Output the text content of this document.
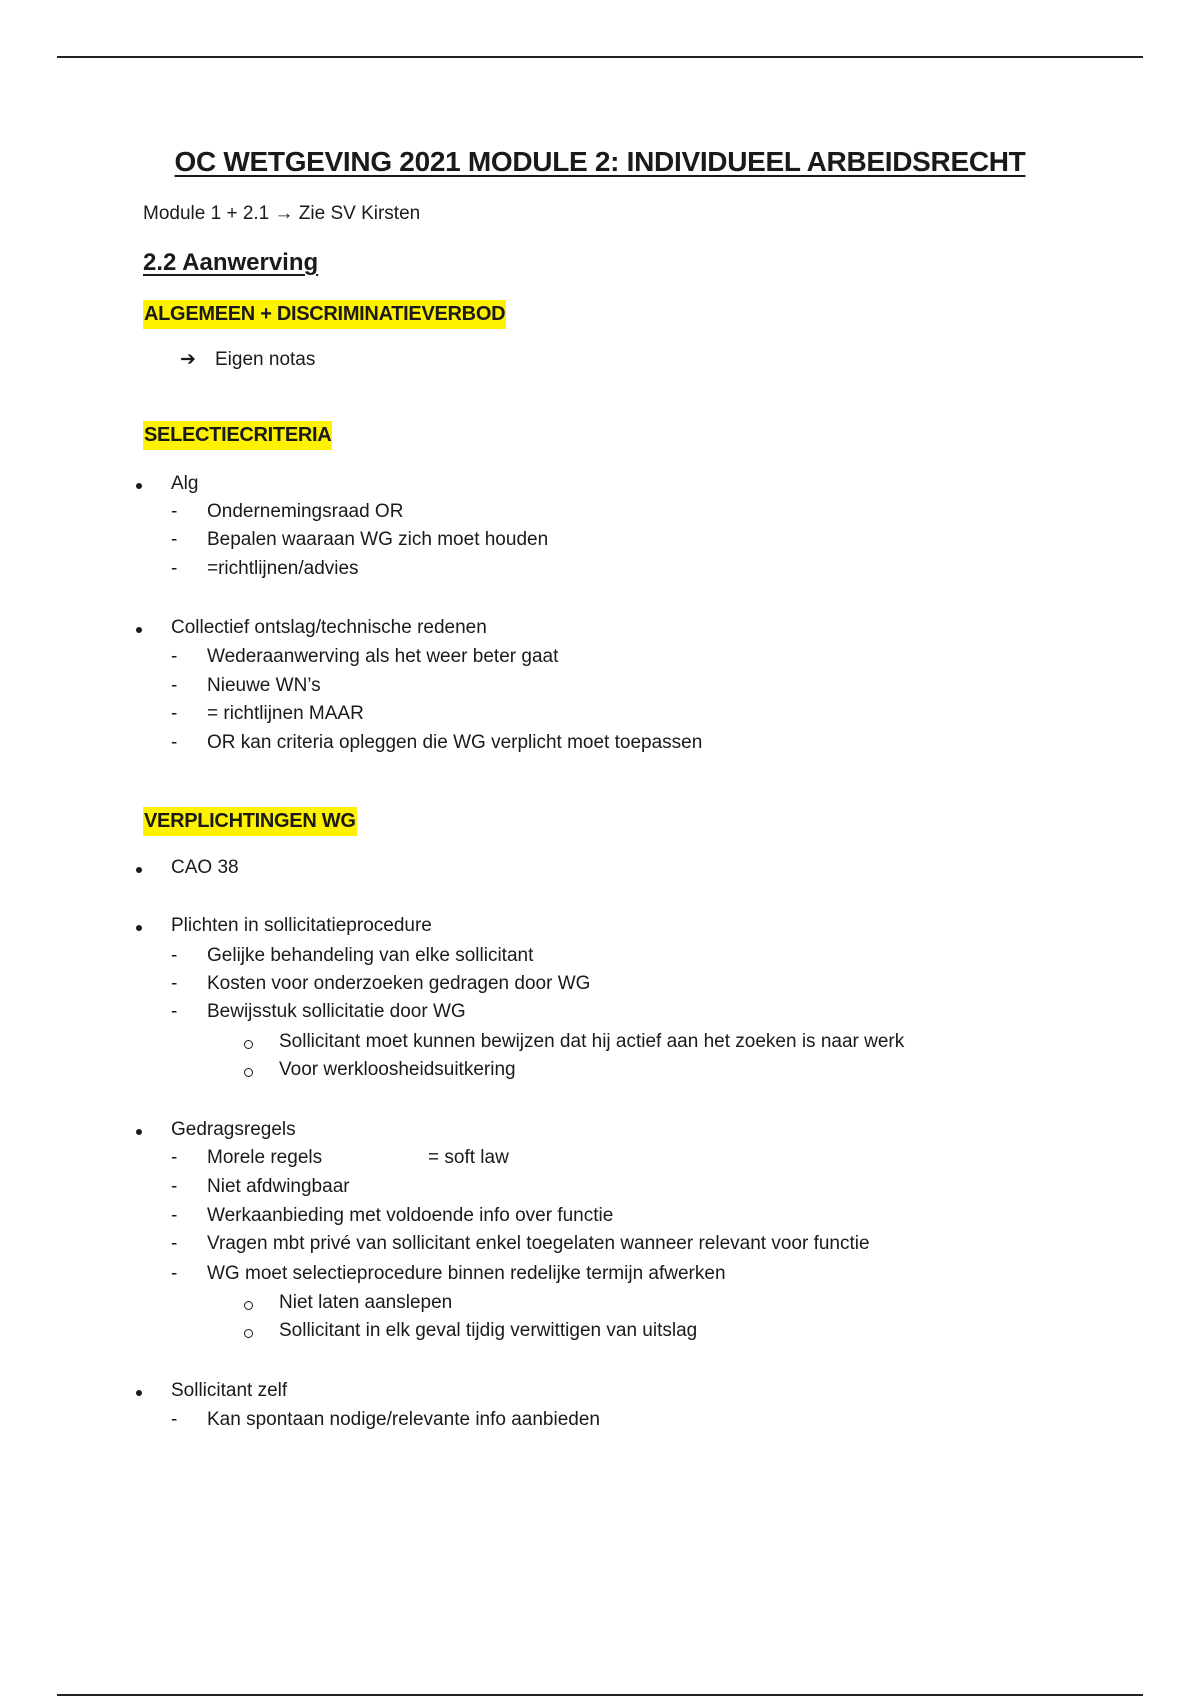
OC WETGEVING 2021 MODULE 2: INDIVIDUEEL ARBEIDSRECHT
Module 1 + 2.1 → Zie SV Kirsten
2.2 Aanwerving
ALGEMEEN + DISCRIMINATIEVERBOD
➔ Eigen notas
SELECTIECRITERIA
Alg
- Ondernemingsraad OR
- Bepalen waaraan WG zich moet houden
- =richtlijnen/advies
Collectief ontslag/technische redenen
- Wederaanwerving als het weer beter gaat
- Nieuwe WN’s
- = richtlijnen MAAR
- OR kan criteria opleggen die WG verplicht moet toepassen
VERPLICHTINGEN WG
CAO 38
Plichten in sollicitatieprocedure
- Gelijke behandeling van elke sollicitant
- Kosten voor onderzoeken gedragen door WG
- Bewijsstuk sollicitatie door WG
Sollicitant moet kunnen bewijzen dat hij actief aan het zoeken is naar werk
Voor werkloosheidsuitkering
Gedragsregels
- Morele regels	= soft law
- Niet afdwingbaar
- Werkaanbieding met voldoende info over functie
- Vragen mbt privé van sollicitant enkel toegelaten wanneer relevant voor functie
- WG moet selectieprocedure binnen redelijke termijn afwerken
Niet laten aanslepen
Sollicitant in elk geval tijdig verwittigen van uitslag
Sollicitant zelf
- Kan spontaan nodige/relevante info aanbieden
